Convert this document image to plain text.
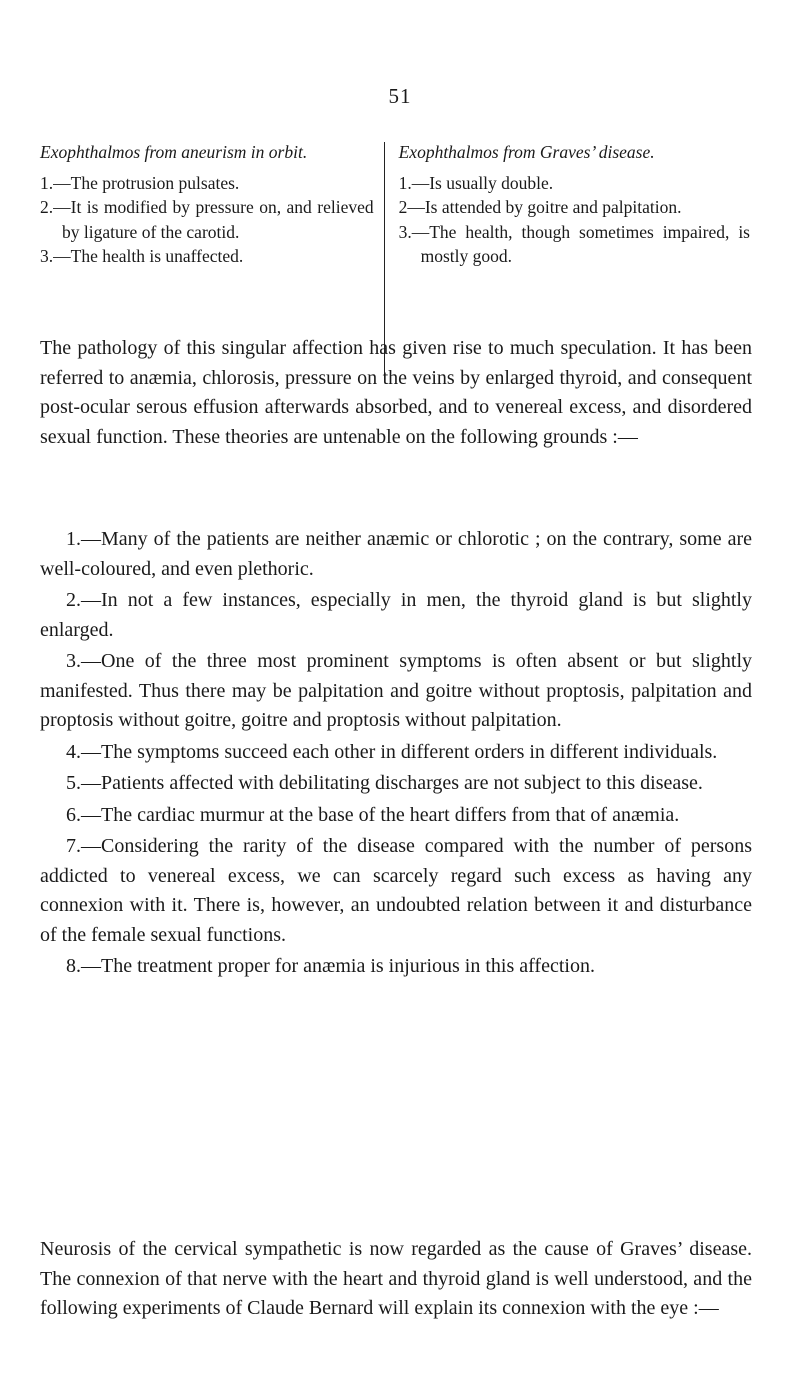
51
Exophthalmos from aneurism in orbit.
1.—The protrusion pulsates.
2.—It is modified by pressure on, and relieved by ligature of the carotid.
3.—The health is unaffected.
Exophthalmos from Graves’ disease.
1.—Is usually double.
2—Is attended by goitre and palpitation.
3.—The health, though sometimes impaired, is mostly good.

The pathology of this singular affection has given rise to much speculation. It has been referred to anæmia, chlorosis, pressure on the veins by enlarged thyroid, and consequent post-ocular serous effusion afterwards absorbed, and to venereal excess, and disordered sexual function. These theories are untenable on the following grounds :—

1.—Many of the patients are neither anæmic or chlorotic ; on the contrary, some are well-coloured, and even plethoric.
2.—In not a few instances, especially in men, the thyroid gland is but slightly enlarged.
3.—One of the three most prominent symptoms is often absent or but slightly manifested. Thus there may be palpitation and goitre without proptosis, palpitation and proptosis without goitre, goitre and proptosis without palpitation.
4.—The symptoms succeed each other in different orders in different individuals.
5.—Patients affected with debilitating discharges are not subject to this disease.
6.—The cardiac murmur at the base of the heart differs from that of anæmia.
7.—Considering the rarity of the disease compared with the number of persons addicted to venereal excess, we can scarcely regard such excess as having any connexion with it. There is, however, an undoubted relation between it and disturbance of the female sexual functions.
8.—The treatment proper for anæmia is injurious in this affection.

Neurosis of the cervical sympathetic is now regarded as the cause of Graves’ disease. The connexion of that nerve with the heart and thyroid gland is well understood, and the following experiments of Claude Bernard will explain its connexion with the eye :—
